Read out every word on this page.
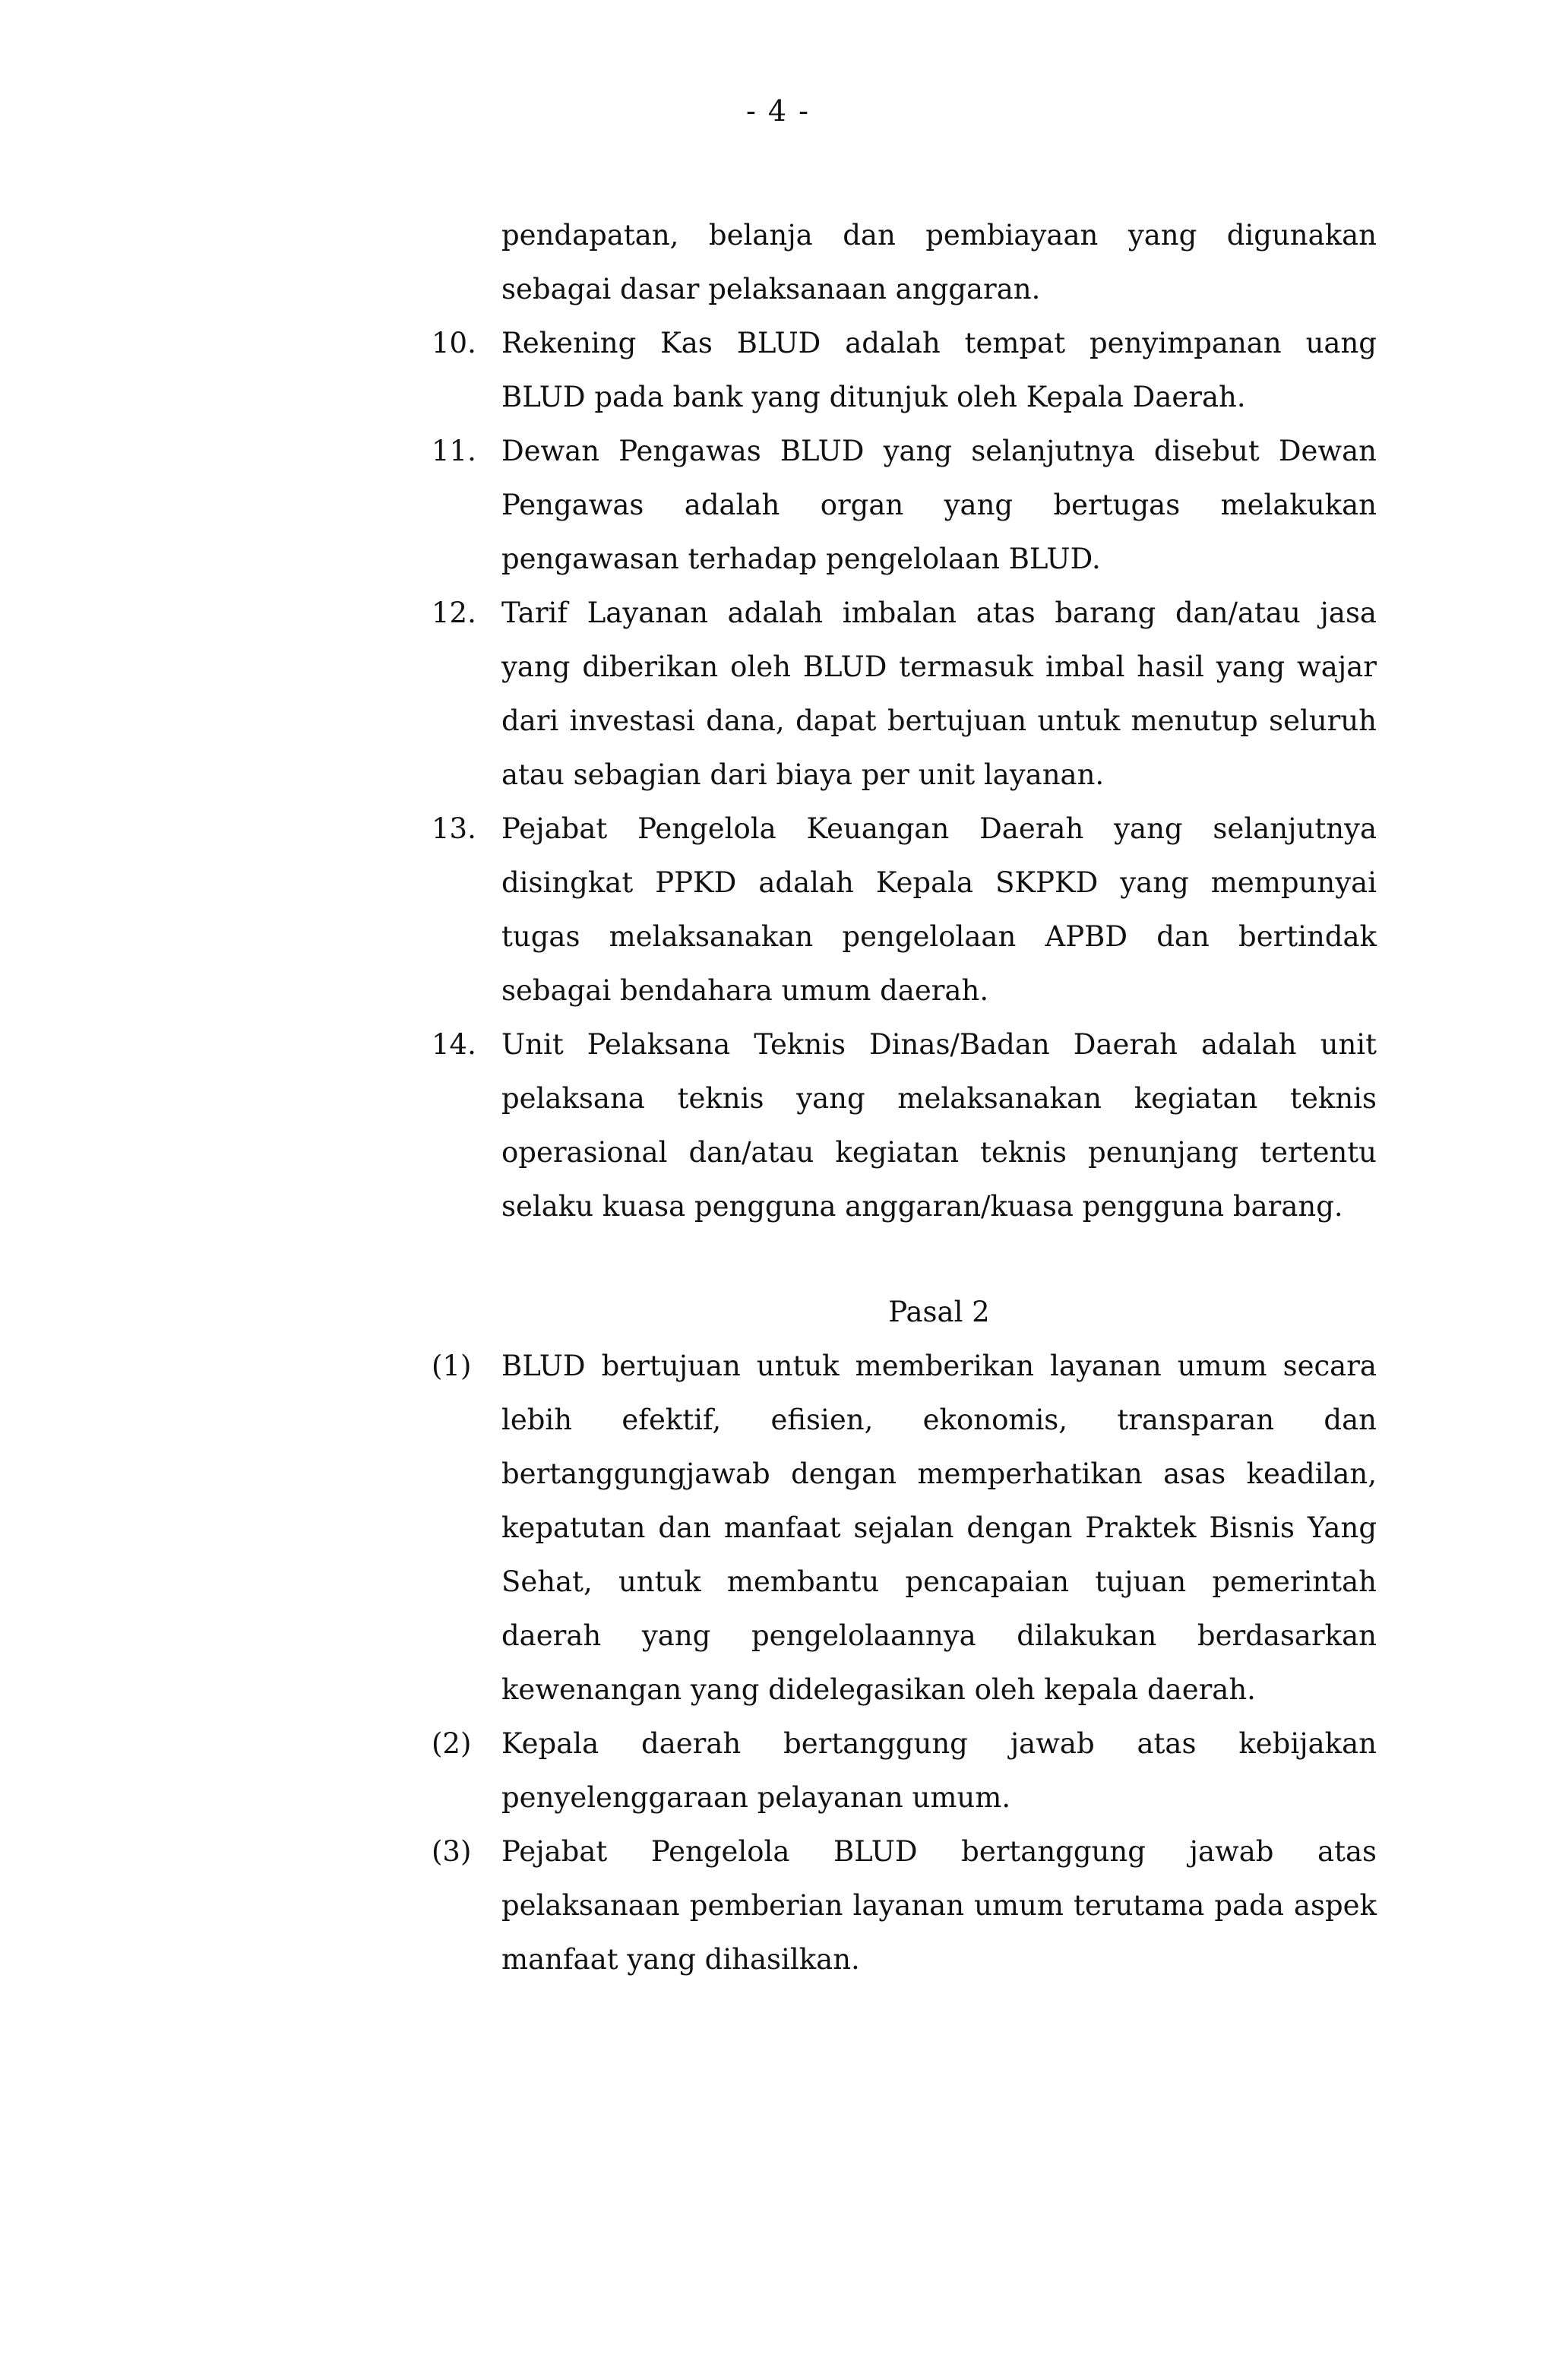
- 4 -
pendapatan, belanja dan pembiayaan yang digunakan sebagai dasar pelaksanaan anggaran.
10. Rekening Kas BLUD adalah tempat penyimpanan uang BLUD pada bank yang ditunjuk oleh Kepala Daerah.
11. Dewan Pengawas BLUD yang selanjutnya disebut Dewan Pengawas adalah organ yang bertugas melakukan pengawasan terhadap pengelolaan BLUD.
12. Tarif Layanan adalah imbalan atas barang dan/atau jasa yang diberikan oleh BLUD termasuk imbal hasil yang wajar dari investasi dana, dapat bertujuan untuk menutup seluruh atau sebagian dari biaya per unit layanan.
13. Pejabat Pengelola Keuangan Daerah yang selanjutnya disingkat PPKD adalah Kepala SKPKD yang mempunyai tugas melaksanakan pengelolaan APBD dan bertindak sebagai bendahara umum daerah.
14. Unit Pelaksana Teknis Dinas/Badan Daerah adalah unit pelaksana teknis yang melaksanakan kegiatan teknis operasional dan/atau kegiatan teknis penunjang tertentu selaku kuasa pengguna anggaran/kuasa pengguna barang.
Pasal 2
(1) BLUD bertujuan untuk memberikan layanan umum secara lebih efektif, efisien, ekonomis, transparan dan bertanggungjawab dengan memperhatikan asas keadilan, kepatutan dan manfaat sejalan dengan Praktek Bisnis Yang Sehat, untuk membantu pencapaian tujuan pemerintah daerah yang pengelolaannya dilakukan berdasarkan kewenangan yang didelegasikan oleh kepala daerah.
(2) Kepala daerah bertanggung jawab atas kebijakan penyelenggaraan pelayanan umum.
(3) Pejabat Pengelola BLUD bertanggung jawab atas pelaksanaan pemberian layanan umum terutama pada aspek manfaat yang dihasilkan.
